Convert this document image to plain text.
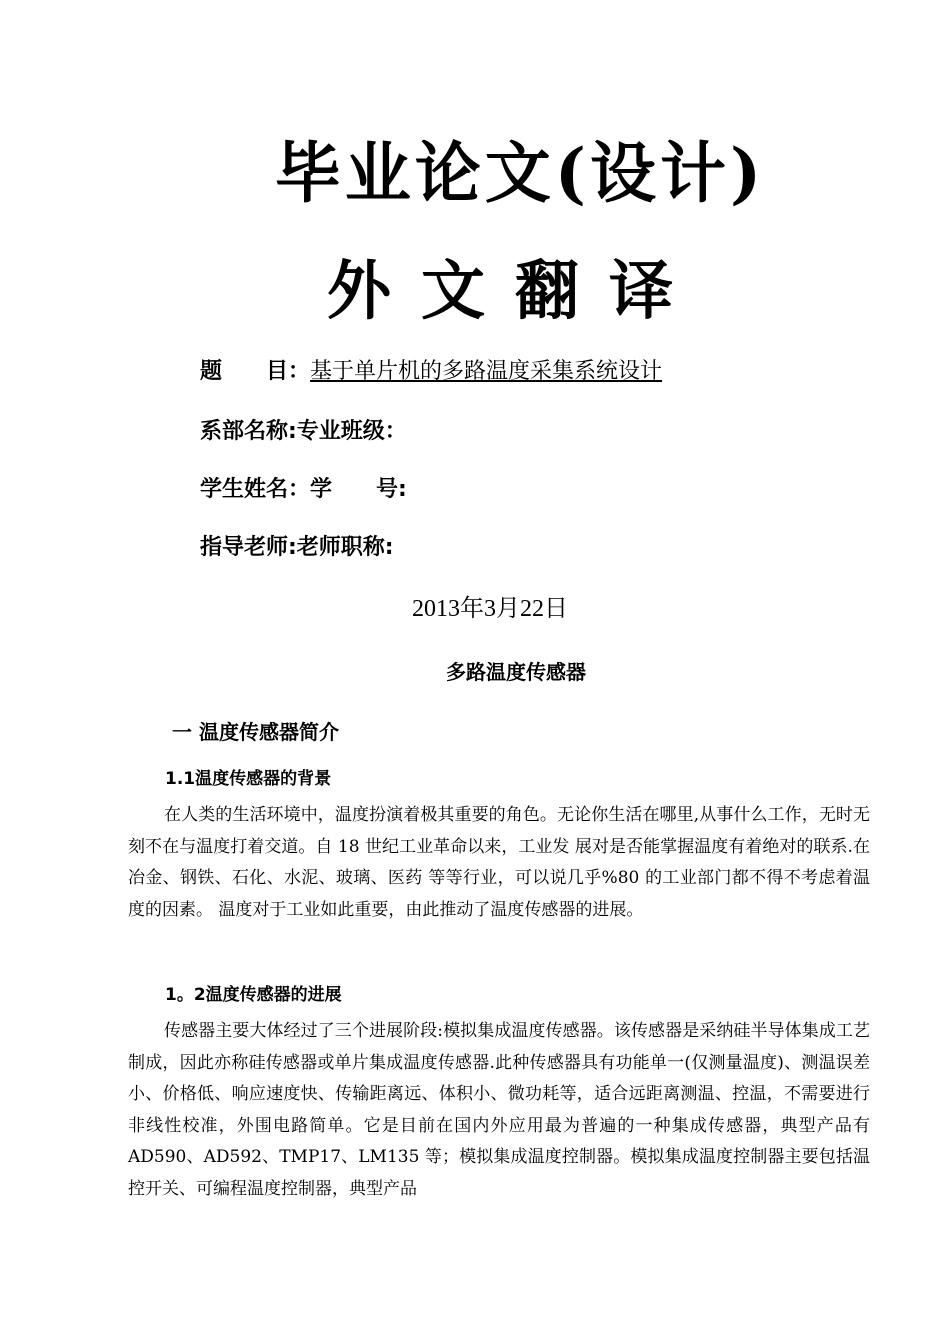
毕业论文(设计)
外文翻译
题　　目：基于单片机的多路温度采集系统设计
系部名称:专业班级：
学生姓名：学　　号:
指导老师:老师职称:
2013年3月22日
多路温度传感器
一 温度传感器简介
1.1温度传感器的背景

在人类的生活环境中，温度扮演着极其重要的角色。无论你生活在哪里,从事什么工作，无时无刻不在与温度打着交道。自 18 世纪工业革命以来，工业发 展对是否能掌握温度有着绝对的联系.在冶金、钢铁、石化、水泥、玻璃、医药 等等行业，可以说几乎%80 的工业部门都不得不考虑着温度的因素。 温度对于工业如此重要，由此推动了温度传感器的进展。

1。2温度传感器的进展

传感器主要大体经过了三个进展阶段:模拟集成温度传感器。该传感器是采纳硅半导体集成工艺制成，因此亦称硅传感器或单片集成温度传感器.此种传感器具有功能单一(仅测量温度)、测温误差小、价格低、响应速度快、传输距离远、体积小、微功耗等，适合远距离测温、控温，不需要进行非线性校准，外围电路简单。它是目前在国内外应用最为普遍的一种集成传感器，典型产品有AD590、AD592、TMP17、LM135 等；模拟集成温度控制器。模拟集成温度控制器主要包括温控开关、可编程温度控制器，典型产品
